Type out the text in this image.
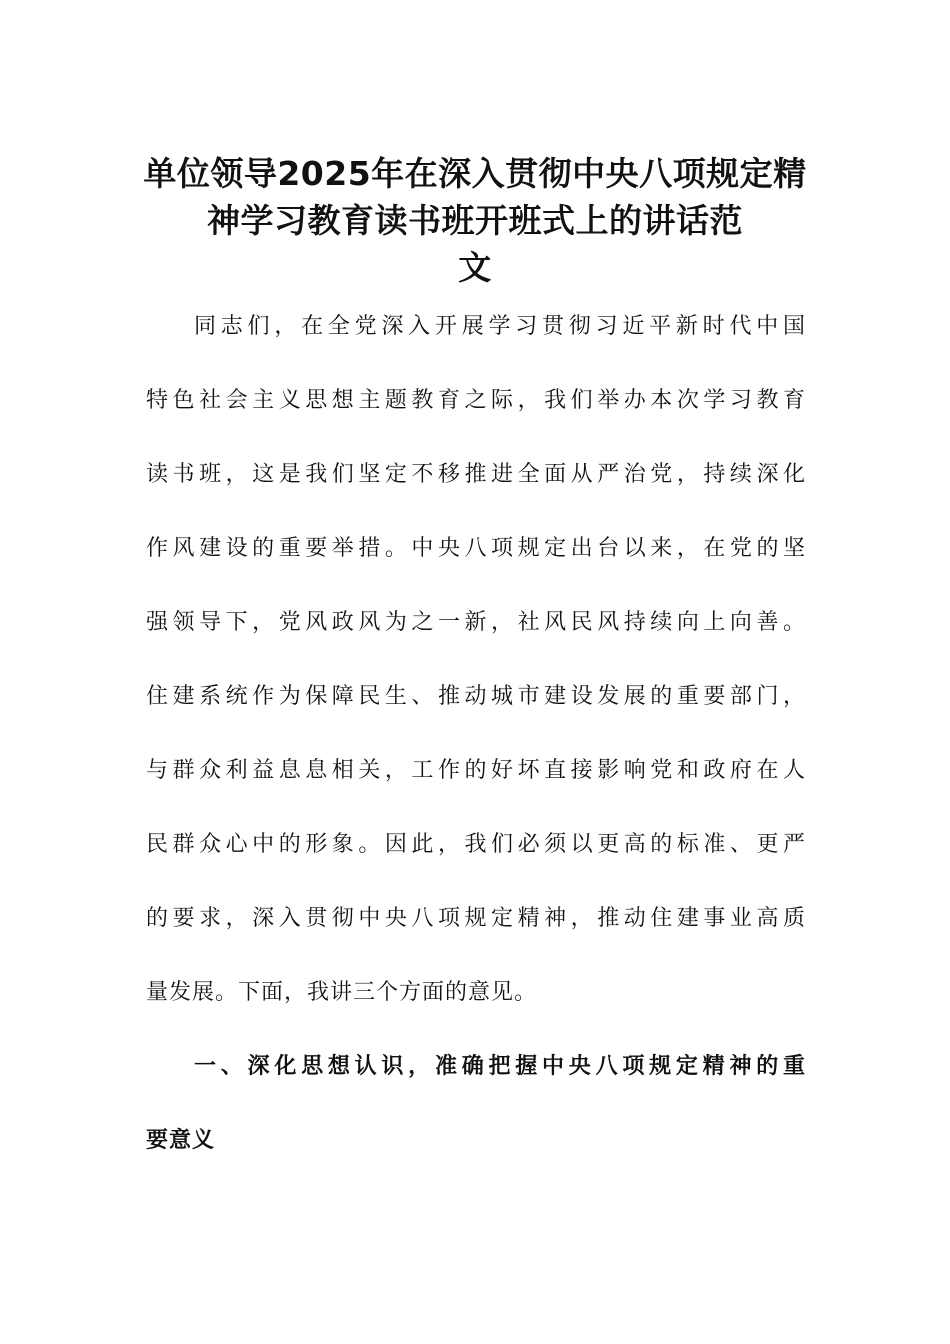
单位领导2025年在深入贯彻中央八项规定精
神学习教育读书班开班式上的讲话范
文
同志们，在全党深入开展学习贯彻习近平新时代中国
特色社会主义思想主题教育之际，我们举办本次学习教育
读书班，这是我们坚定不移推进全面从严治党，持续深化
作风建设的重要举措。中央八项规定出台以来，在党的坚
强领导下，党风政风为之一新，社风民风持续向上向善。
住建系统作为保障民生、推动城市建设发展的重要部门，
与群众利益息息相关，工作的好坏直接影响党和政府在人
民群众心中的形象。因此，我们必须以更高的标准、更严
的要求，深入贯彻中央八项规定精神，推动住建事业高质
量发展。下面，我讲三个方面的意见。
一、深化思想认识，准确把握中央八项规定精神的重
要意义
